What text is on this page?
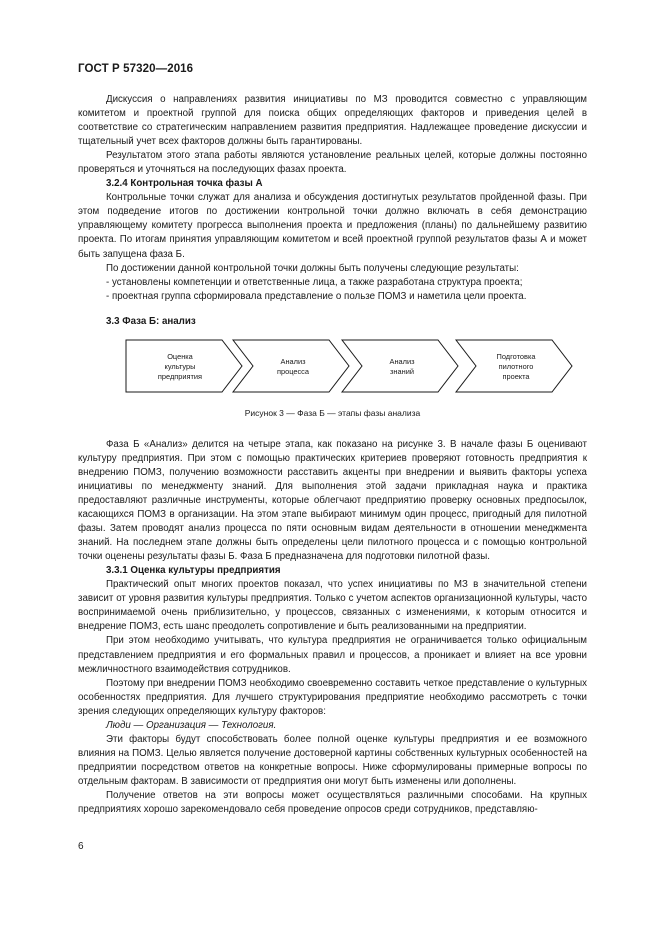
ГОСТ Р 57320—2016

Дискуссия о направлениях развития инициативы по МЗ проводится совместно с управляющим комитетом и проектной группой для поиска общих определяющих факторов и приведения целей в соответствие со стратегическим направлением развития предприятия. Надлежащее проведение дискуссии и тщательный учет всех факторов должны быть гарантированы.

Результатом этого этапа работы являются установление реальных целей, которые должны постоянно проверяться и уточняться на последующих фазах проекта.

3.2.4 Контрольная точка фазы А

Контрольные точки служат для анализа и обсуждения достигнутых результатов пройденной фазы. При этом подведение итогов по достижении контрольной точки должно включать в себя демонстрацию управляющему комитету прогресса выполнения проекта и предложения (планы) по дальнейшему развитию проекта. По итогам принятия управляющим комитетом и всей проектной группой результатов фазы А и может быть запущена фаза Б.

По достижении данной контрольной точки должны быть получены следующие результаты:

- установлены компетенции и ответственные лица, а также разработана структура проекта;

- проектная группа сформировала представление о пользе ПОМЗ и наметила цели проекта.

3.3 Фаза Б: анализ
Оценка
культуры
предприятия
Анализ
процесса
Анализ
знаний
Подготовка
пилотного
проекта
Рисунок 3 — Фаза Б — этапы фазы анализа

Фаза Б «Анализ» делится на четыре этапа, как показано на рисунке 3. В начале фазы Б оценивают культуру предприятия. При этом с помощью практических критериев проверяют готовность предприятия к внедрению ПОМЗ, получению возможности расставить акценты при внедрении и выявить факторы успеха инициативы по менеджменту знаний. Для выполнения этой задачи прикладная наука и практика предоставляют различные инструменты, которые облегчают предприятию проверку основных предпосылок, касающихся ПОМЗ в организации. На этом этапе выбирают минимум один процесс, пригодный для пилотной фазы. Затем проводят анализ процесса по пяти основным видам деятельности в отношении менеджмента знаний. На последнем этапе должны быть определены цели пилотного процесса и с помощью контрольной точки оценены результаты фазы Б. Фаза Б предназначена для подготовки пилотной фазы.

3.3.1 Оценка культуры предприятия

Практический опыт многих проектов показал, что успех инициативы по МЗ в значительной степени зависит от уровня развития культуры предприятия. Только с учетом аспектов организационной культуры, часто воспринимаемой очень приблизительно, у процессов, связанных с изменениями, к которым относится и внедрение ПОМЗ, есть шанс преодолеть сопротивление и быть реализованными на предприятии.

При этом необходимо учитывать, что культура предприятия не ограничивается только официальным представлением предприятия и его формальных правил и процессов, а проникает и влияет на все уровни межличностного взаимодействия сотрудников.

Поэтому при внедрении ПОМЗ необходимо своевременно составить четкое представление о культурных особенностях предприятия. Для лучшего структурирования предприятие необходимо рассмотреть с точки зрения следующих определяющих культуру факторов:

Люди — Организация — Технология.

Эти факторы будут способствовать более полной оценке культуры предприятия и ее возможного влияния на ПОМЗ. Целью является получение достоверной картины собственных культурных особенностей на предприятии посредством ответов на конкретные вопросы. Ниже сформулированы примерные вопросы по отдельным факторам. В зависимости от предприятия они могут быть изменены или дополнены.

Получение ответов на эти вопросы может осуществляться различными способами. На крупных предприятиях хорошо зарекомендовало себя проведение опросов среди сотрудников, представляю-

6
